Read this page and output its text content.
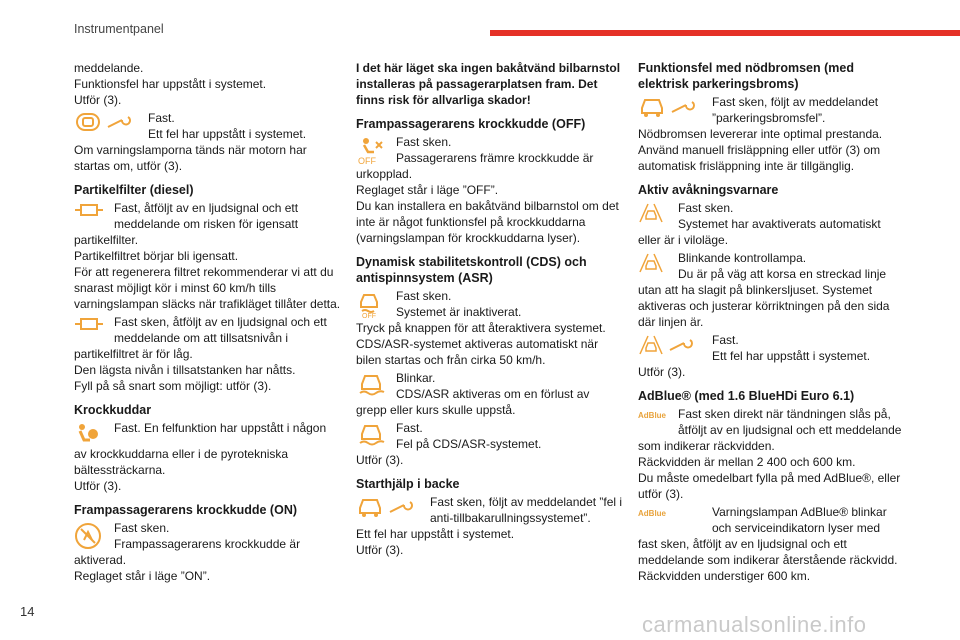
Instrumentpanel

meddelande.

Funktionsfel har uppstått i systemet.

Utför (3).

Fast.

Ett fel har uppstått i systemet.

Om varningslamporna tänds när motorn har startas om, utför (3).

Partikelfilter (diesel)

Fast, åtföljt av en ljudsignal och ett meddelande om risken för igensatt

partikelfilter.

Partikelfiltret börjar bli igensatt.

För att regenerera filtret rekommenderar vi att du snarast möjligt kör i minst 60 km/h tills varningslampan släcks när trafikläget tillåter detta.

Fast sken, åtföljt av en ljudsignal och ett meddelande om att tillsatsnivån i

partikelfiltret är för låg.

Den lägsta nivån i tillsatstanken har nåtts.

Fyll på så snart som möjligt: utför (3).

Krockkuddar

Fast. En felfunktion har uppstått i någon

av krockkuddarna eller i de pyrotekniska bältessträckarna.

Utför (3).

Frampassagerarens krockkudde (ON)

Fast sken.

Frampassagerarens krockkudde är

aktiverad.

Reglaget står i läge ”ON”.

I det här läget ska ingen bakåtvänd bilbarnstol installeras på passagerarplatsen fram. Det finns risk för allvarliga skador!

Frampassagerarens krockkudde (OFF)
OFF

Fast sken.

Passagerarens främre krockkudde är

urkopplad.

Reglaget står i läge ”OFF”.

Du kan installera en bakåtvänd bilbarnstol om det inte är något funktionsfel på krockkuddarna (varningslampan för krockkuddarna lyser).

Dynamisk stabilitetskontroll (CDS) och antispinnsystem (ASR)
OFF

Fast sken.

Systemet är inaktiverat.

Tryck på knappen för att återaktivera systemet. CDS/ASR-systemet aktiveras automatiskt när bilen startas och från cirka 50 km/h.

Blinkar.

CDS/ASR aktiveras om en förlust av

grepp eller kurs skulle uppstå.

Fast.

Fel på CDS/ASR-systemet.

Utför (3).

Starthjälp i backe

Fast sken, följt av meddelandet ”fel i anti-tillbakarullningssystemet”.

Ett fel har uppstått i systemet.

Utför (3).

Funktionsfel med nödbromsen (med elektrisk parkeringsbroms)

Fast sken, följt av meddelandet

”parkeringsbromsfel”.

Nödbromsen levererar inte optimal prestanda. Använd manuell frisläppning eller utför (3) om automatisk frisläppning inte är tillgänglig.

Aktiv avåkningsvarnare

Fast sken.

Systemet har avaktiverats automatiskt

eller är i viloläge.

Blinkande kontrollampa.

Du är på väg att korsa en streckad linje

utan att ha slagit på blinkersljuset. Systemet aktiveras och justerar körriktningen på den sida där linjen är.

Fast.

Ett fel har uppstått i systemet.

Utför (3).

AdBlue® (med 1.6 BlueHDi Euro 6.1)
AdBlue Fast sken direkt när tändningen slås på, åtföljt av en ljudsignal och ett meddelande

som indikerar räckvidden.

Räckvidden är mellan 2 400 och 600 km.

Du måste omedelbart fylla på med AdBlue®, eller utför (3).

AdBlue	Varningslampan AdBlue® blinkar och serviceindikatorn lyser med

fast sken, åtföljt av en ljudsignal och ett meddelande som indikerar återstående räckvidd.

Räckvidden understiger 600 km.

14
carmanualsonline.info
